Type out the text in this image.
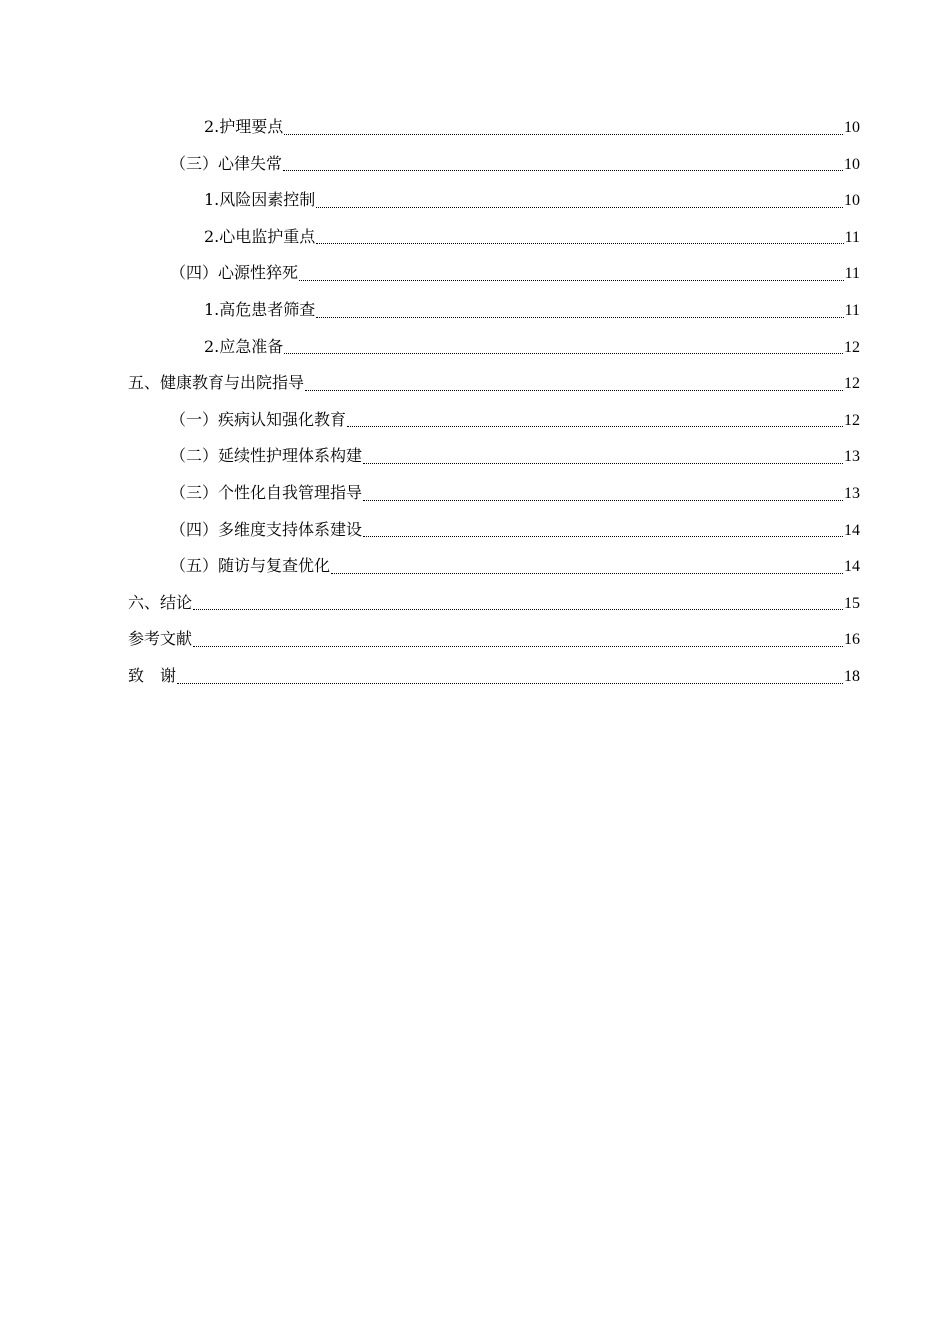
2.护理要点	10
（三）心律失常	10
1.风险因素控制	10
2.心电监护重点	11
（四）心源性猝死	11
1.高危患者筛查	11
2.应急准备	12
五、健康教育与出院指导	12
（一）疾病认知强化教育	12
（二）延续性护理体系构建	13
（三）个性化自我管理指导	13
（四）多维度支持体系建设	14
（五）随访与复查优化	14
六、结论	15
参考文献	16
致　谢	18
